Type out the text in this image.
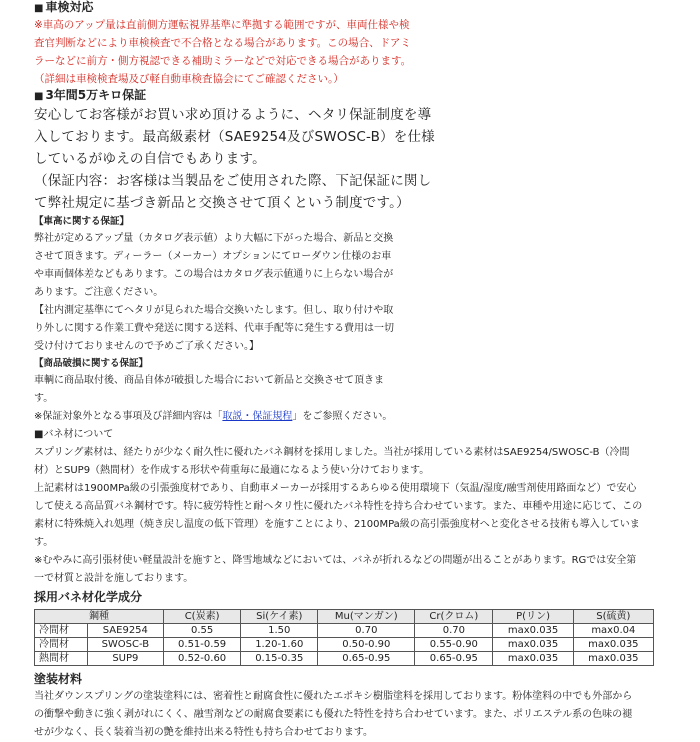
■ 車検対応

※車高のアップ量は直前側方運転視界基準に準拠する範囲ですが、車両仕様や検

査官判断などにより車検検査で不合格となる場合があります。この場合、ドアミ

ラーなどに前方・側方視認できる補助ミラーなどで対応できる場合があります。

（詳細は車検検査場及び軽自動車検査協会にてご確認ください。）

■ 3年間5万キロ保証

安心してお客様がお買い求め頂けるように、ヘタリ保証制度を導

入しております。最高級素材（SAE9254及びSWOSC-B）を仕様

しているがゆえの自信でもあります。

（保証内容：お客様は当製品をご使用された際、下記保証に関し

て弊社規定に基づき新品と交換させて頂くという制度です。）

【車高に関する保証】

弊社が定めるアップ量（カタログ表示値）より大幅に下がった場合、新品と交換

させて頂きます。ディーラー（メーカー）オプションにてローダウン仕様のお車

や車両個体差などもあります。この場合はカタログ表示値通りに上らない場合が

あります。ご注意ください。

【社内測定基準にてヘタリが見られた場合交換いたします。但し、取り付けや取

り外しに関する作業工費や発送に関する送料、代車手配等に発生する費用は一切

受け付けておりませんので予めご了承ください。】

【商品破損に関する保証】

車輌に商品取付後、商品自体が破損した場合において新品と交換させて頂きま

す。

※保証対象外となる事項及び詳細内容は「取説・保証規程」をご参照ください。

■バネ材について

スプリング素材は、経たりが少なく耐久性に優れたバネ鋼材を採用しました。当社が採用している素材はSAE9254/SWOSC-B（冷間

材）とSUP9（熱間材）を作成する形状や荷重毎に最適になるよう使い分けております。

上記素材は1900MPa級の引張強度材であり、自動車メーカーが採用するあらゆる使用環境下（気温/湿度/融雪剤使用路面など）で安心

して使える高品質バネ鋼材です。特に疲労特性と耐ヘタリ性に優れたバネ特性を持ち合わせています。また、車種や用途に応じて、この

素材に特殊焼入れ処理（焼き戻し温度の低下管理）を施すことにより、2100MPa級の高引張強度材へと変化させる技術も導入していま

す。

※むやみに高引張材使い軽量設計を施すと、降雪地域などにおいては、バネが折れるなどの問題が出ることがあります。RGでは安全第

一で材質と設計を施しております。

採用バネ材化学成分

鋼種		C(炭素)	Si(ケイ素)	Mu(マンガン)	Cr(クロム)	P(リン)	S(硫黄)
冷間材	SAE9254	0.55	1.50	0.70	0.70	max0.035	max0.04
冷間材	SWOSC-B	0.51-0.59	1.20-1.60	0.50-0.90	0.55-0.90	max0.035	max0.035
熱間材	SUP9	0.52-0.60	0.15-0.35	0.65-0.95	0.65-0.95	max0.035	max0.035

塗装材料

当社ダウンスプリングの塗装塗料には、密着性と耐腐食性に優れたエポキシ樹脂塗料を採用しております。粉体塗料の中でも外部から

の衝撃や動きに強く剥がれにくく、融雪剤などの耐腐食要素にも優れた特性を持ち合わせています。また、ポリエステル系の色味の褪

せが少なく、長く装着当初の艶を維持出来る特性も持ち合わせております。
